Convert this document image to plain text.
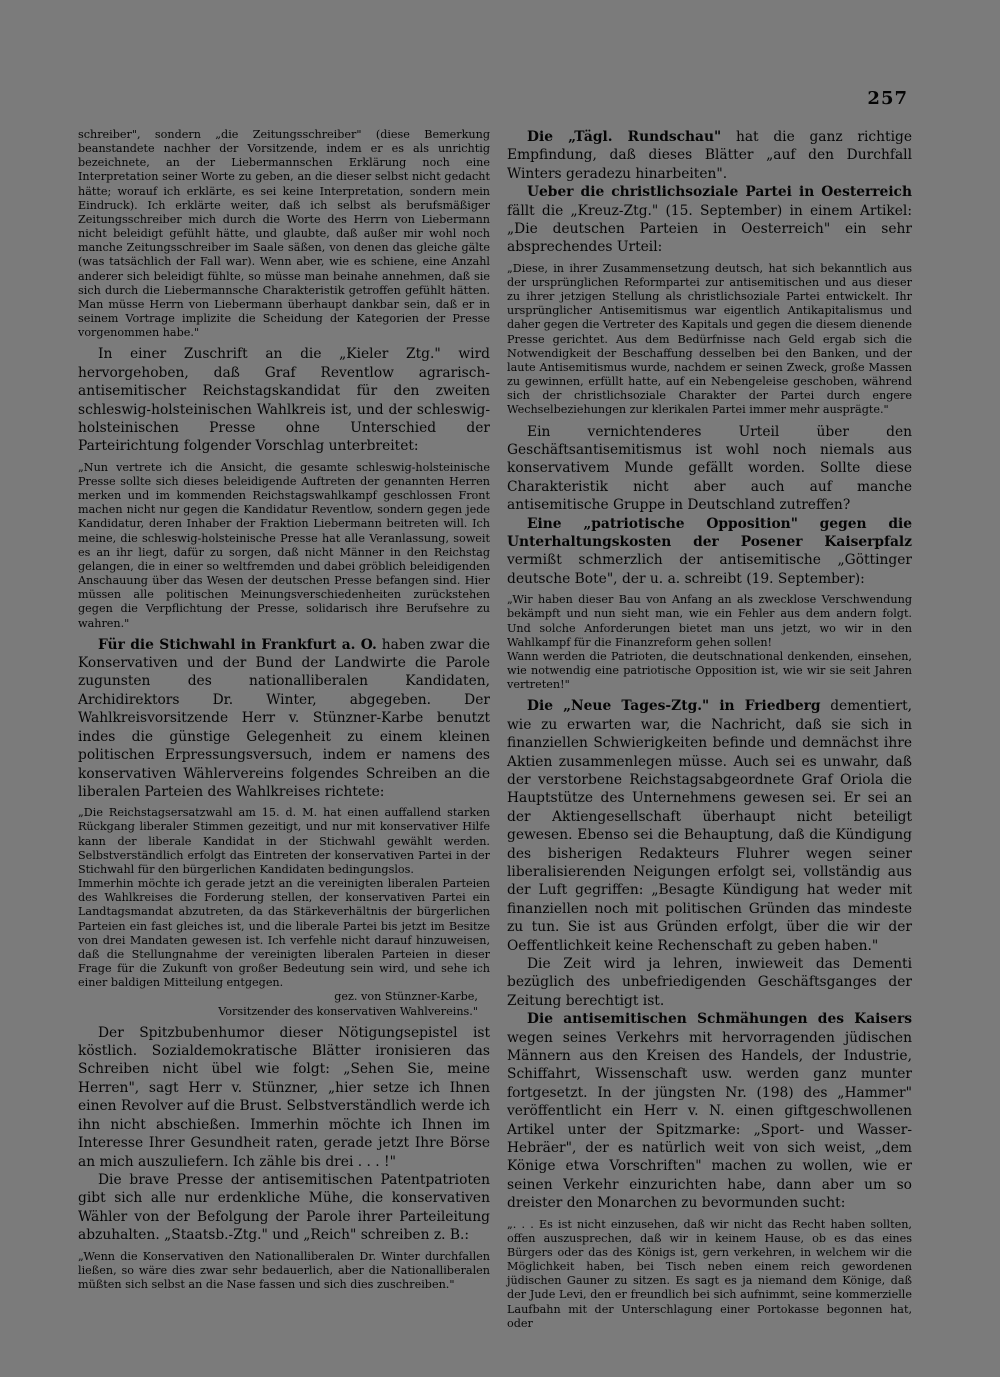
257

schreiber", sondern „die Zeitungsschreiber" (diese Bemerkung beanstandete nachher der Vorsitzende, indem er es als unrichtig bezeichnete, an der Liebermannschen Erklärung noch eine Interpretation seiner Worte zu geben, an die dieser selbst nicht gedacht hätte; worauf ich erklärte, es sei keine Interpretation, sondern mein Eindruck). Ich erklärte weiter, daß ich selbst als berufsmäßiger Zeitungsschreiber mich durch die Worte des Herrn von Liebermann nicht beleidigt gefühlt hätte, und glaubte, daß außer mir wohl noch manche Zeitungsschreiber im Saale säßen, von denen das gleiche gälte (was tatsächlich der Fall war). Wenn aber, wie es schiene, eine Anzahl anderer sich beleidigt fühlte, so müsse man beinahe annehmen, daß sie sich durch die Liebermannsche Charakteristik getroffen gefühlt hätten. Man müsse Herrn von Liebermann überhaupt dankbar sein, daß er in seinem Vortrage implizite die Scheidung der Kategorien der Presse vorgenommen habe."

In einer Zuschrift an die „Kieler Ztg." wird hervorgehoben, daß Graf Reventlow agrarisch-antisemitischer Reichstagskandidat für den zweiten schleswig-holsteinischen Wahlkreis ist, und der schleswig-holsteinischen Presse ohne Unterschied der Parteirichtung folgender Vorschlag unterbreitet:

„Nun vertrete ich die Ansicht, die gesamte schleswig-holsteinische Presse sollte sich dieses beleidigende Auftreten der genannten Herren merken und im kommenden Reichstagswahlkampf geschlossen Front machen nicht nur gegen die Kandidatur Reventlow, sondern gegen jede Kandidatur, deren Inhaber der Fraktion Liebermann beitreten will. Ich meine, die schleswig-holsteinische Presse hat alle Veranlassung, soweit es an ihr liegt, dafür zu sorgen, daß nicht Männer in den Reichstag gelangen, die in einer so weltfremden und dabei gröblich beleidigenden Anschauung über das Wesen der deutschen Presse befangen sind. Hier müssen alle politischen Meinungsverschiedenheiten zurückstehen gegen die Verpflichtung der Presse, solidarisch ihre Berufsehre zu wahren."

Für die Stichwahl in Frankfurt a. O. haben zwar die Konservativen und der Bund der Landwirte die Parole zugunsten des nationalliberalen Kandidaten, Archidirektors Dr. Winter, abgegeben. Der Wahlkreisvorsitzende Herr v. Stünzner-Karbe benutzt indes die günstige Gelegenheit zu einem kleinen politischen Erpressungsversuch, indem er namens des konservativen Wählervereins folgendes Schreiben an die liberalen Parteien des Wahlkreises richtete:

„Die Reichstagsersatzwahl am 15. d. M. hat einen auffallend starken Rückgang liberaler Stimmen gezeitigt, und nur mit konservativer Hilfe kann der liberale Kandidat in der Stichwahl gewählt werden. Selbstverständlich erfolgt das Eintreten der konservativen Partei in der Stichwahl für den bürgerlichen Kandidaten bedingungslos.

Immerhin möchte ich gerade jetzt an die vereinigten liberalen Parteien des Wahlkreises die Forderung stellen, der konservativen Partei ein Landtagsmandat abzutreten, da das Stärkeverhältnis der bürgerlichen Parteien ein fast gleiches ist, und die liberale Partei bis jetzt im Besitze von drei Mandaten gewesen ist. Ich verfehle nicht darauf hinzuweisen, daß die Stellungnahme der vereinigten liberalen Parteien in dieser Frage für die Zukunft von großer Bedeutung sein wird, und sehe ich einer baldigen Mitteilung entgegen.

gez. von Stünzner-Karbe,

Vorsitzender des konservativen Wahlvereins."

Der Spitzbubenhumor dieser Nötigungsepistel ist köstlich. Sozialdemokratische Blätter ironisieren das Schreiben nicht übel wie folgt: „Sehen Sie, meine Herren", sagt Herr v. Stünzner, „hier setze ich Ihnen einen Revolver auf die Brust. Selbstverständlich werde ich ihn nicht abschießen. Immerhin möchte ich Ihnen im Interesse Ihrer Gesundheit raten, gerade jetzt Ihre Börse an mich auszuliefern. Ich zähle bis drei . . . !"

Die brave Presse der antisemitischen Patentpatrioten gibt sich alle nur erdenkliche Mühe, die konservativen Wähler von der Befolgung der Parole ihrer Parteileitung abzuhalten. „Staatsb.-Ztg." und „Reich" schreiben z. B.:

„Wenn die Konservativen den Nationalliberalen Dr. Winter durchfallen ließen, so wäre dies zwar sehr bedauerlich, aber die Nationalliberalen müßten sich selbst an die Nase fassen und sich dies zuschreiben."

Die „Tägl. Rundschau" hat die ganz richtige Empfindung, daß dieses Blätter „auf den Durchfall Winters geradezu hinarbeiten".

Ueber die christlichsoziale Partei in Oesterreich fällt die „Kreuz-Ztg." (15. September) in einem Artikel: „Die deutschen Parteien in Oesterreich" ein sehr absprechendes Urteil:

„Diese, in ihrer Zusammensetzung deutsch, hat sich bekanntlich aus der ursprünglichen Reformpartei zur antisemitischen und aus dieser zu ihrer jetzigen Stellung als christlichsoziale Partei entwickelt. Ihr ursprünglicher Antisemitismus war eigentlich Antikapitalismus und daher gegen die Vertreter des Kapitals und gegen die diesem dienende Presse gerichtet. Aus dem Bedürfnisse nach Geld ergab sich die Notwendigkeit der Beschaffung desselben bei den Banken, und der laute Antisemitismus wurde, nachdem er seinen Zweck, große Massen zu gewinnen, erfüllt hatte, auf ein Nebengeleise geschoben, während sich der christlichsoziale Charakter der Partei durch engere Wechselbeziehungen zur klerikalen Partei immer mehr ausprägte."

Ein vernichtenderes Urteil über den Geschäftsantisemitismus ist wohl noch niemals aus konservativem Munde gefällt worden. Sollte diese Charakteristik nicht aber auch auf manche antisemitische Gruppe in Deutschland zutreffen?

Eine „patriotische Opposition" gegen die Unterhaltungskosten der Posener Kaiserpfalz vermißt schmerzlich der antisemitische „Göttinger deutsche Bote", der u. a. schreibt (19. September):

„Wir haben dieser Bau von Anfang an als zwecklose Verschwendung bekämpft und nun sieht man, wie ein Fehler aus dem andern folgt. Und solche Anforderungen bietet man uns jetzt, wo wir in den Wahlkampf für die Finanzreform gehen sollen!

Wann werden die Patrioten, die deutschnational denkenden, einsehen, wie notwendig eine patriotische Opposition ist, wie wir sie seit Jahren vertreten!"

Die „Neue Tages-Ztg." in Friedberg dementiert, wie zu erwarten war, die Nachricht, daß sie sich in finanziellen Schwierigkeiten befinde und demnächst ihre Aktien zusammenlegen müsse. Auch sei es unwahr, daß der verstorbene Reichstagsabgeordnete Graf Oriola die Hauptstütze des Unternehmens gewesen sei. Er sei an der Aktiengesellschaft überhaupt nicht beteiligt gewesen. Ebenso sei die Behauptung, daß die Kündigung des bisherigen Redakteurs Fluhrer wegen seiner liberalisierenden Neigungen erfolgt sei, vollständig aus der Luft gegriffen: „Besagte Kündigung hat weder mit finanziellen noch mit politischen Gründen das mindeste zu tun. Sie ist aus Gründen erfolgt, über die wir der Oeffentlichkeit keine Rechenschaft zu geben haben."

Die Zeit wird ja lehren, inwieweit das Dementi bezüglich des unbefriedigenden Geschäftsganges der Zeitung berechtigt ist.

Die antisemitischen Schmähungen des Kaisers wegen seines Verkehrs mit hervorragenden jüdischen Männern aus den Kreisen des Handels, der Industrie, Schiffahrt, Wissenschaft usw. werden ganz munter fortgesetzt. In der jüngsten Nr. (198) des „Hammer" veröffentlicht ein Herr v. N. einen giftgeschwollenen Artikel unter der Spitzmarke: „Sport- und Wasser-Hebräer", der es natürlich weit von sich weist, „dem Könige etwa Vorschriften" machen zu wollen, wie er seinen Verkehr einzurichten habe, dann aber um so dreister den Monarchen zu bevormunden sucht:

„. . . Es ist nicht einzusehen, daß wir nicht das Recht haben sollten, offen auszusprechen, daß wir in keinem Hause, ob es das eines Bürgers oder das des Königs ist, gern verkehren, in welchem wir die Möglichkeit haben, bei Tisch neben einem reich gewordenen jüdischen Gauner zu sitzen. Es sagt es ja niemand dem Könige, daß der Jude Levi, den er freundlich bei sich aufnimmt, seine kommerzielle Laufbahn mit der Unterschlagung einer Portokasse begonnen hat, oder
